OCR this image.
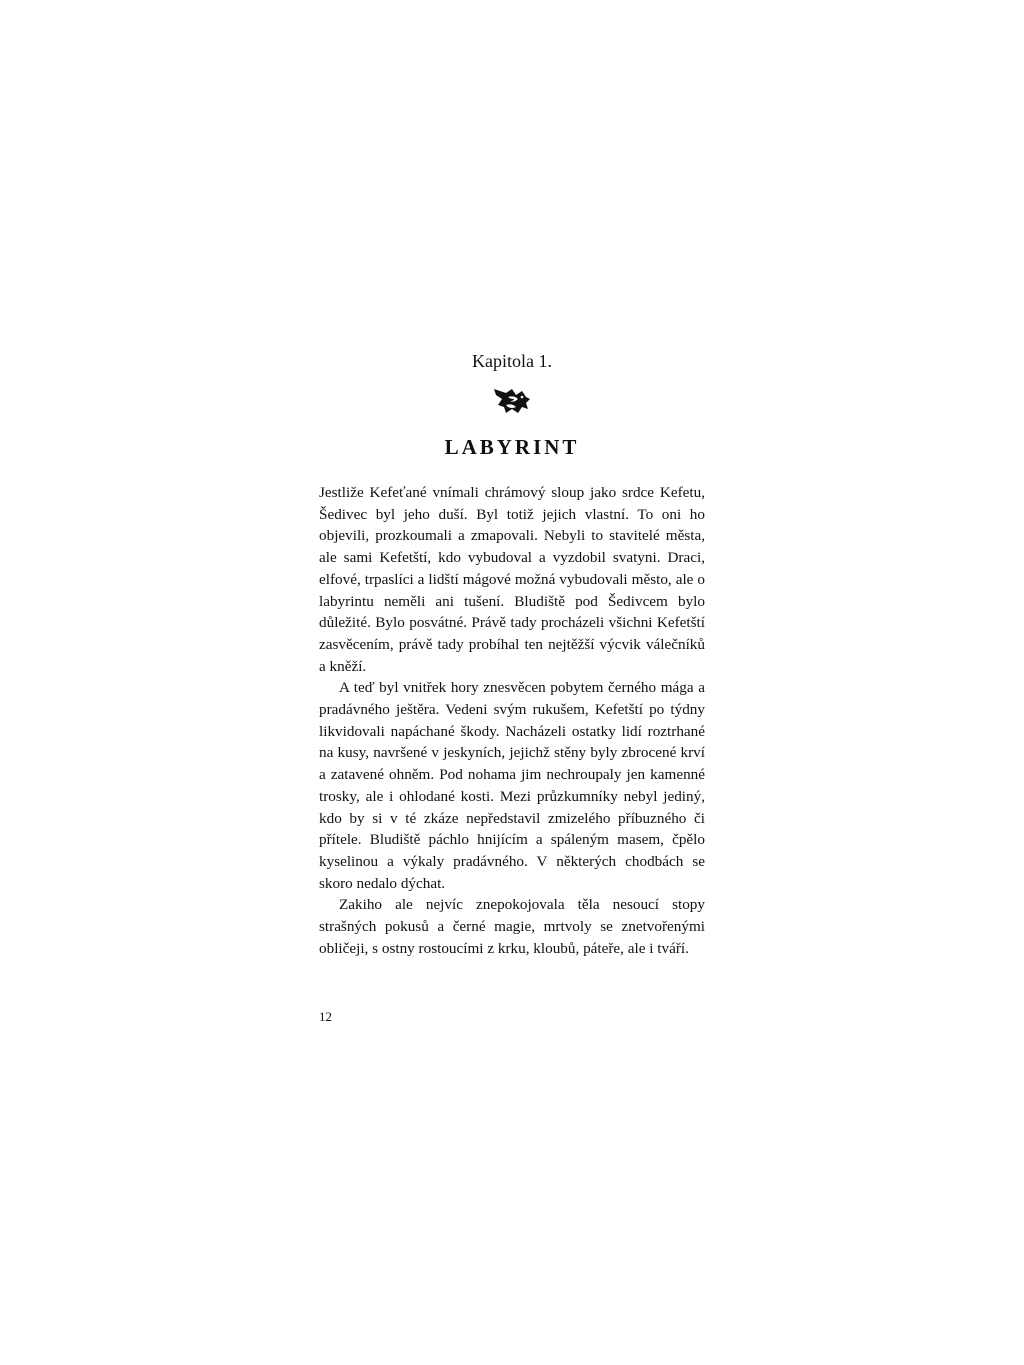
Kapitola 1.
LABYRINT

Jestliže Kefeťané vnímali chrámový sloup jako srdce Kefetu, Šedivec byl jeho duší. Byl totiž jejich vlastní. To oni ho objevili, prozkoumali a zmapovali. Nebyli to stavitelé města, ale sami Kefetští, kdo vybudoval a vyzdobil svatyni. Draci, elfové, trpaslíci a lidští mágové možná vybudovali město, ale o labyrintu neměli ani tušení. Bludiště pod Šedivcem bylo důležité. Bylo posvátné. Právě tady procházeli všichni Kefetští zasvěcením, právě tady probíhal ten nejtěžší výcvik válečníků a kněží.

A teď byl vnitřek hory znesvěcen pobytem černého mága a pradávného ještěra. Vedeni svým rukušem, Kefetští po týdny likvidovali napáchané škody. Nacházeli ostatky lidí roztrhané na kusy, navršené v jeskyních, jejichž stěny byly zbrocené krví a zatavené ohněm. Pod nohama jim nechroupaly jen kamenné trosky, ale i ohlodané kosti. Mezi průzkumníky nebyl jediný, kdo by si v té zkáze nepředstavil zmizelého příbuzného či přítele. Bludiště páchlo hnijícím a spáleným masem, čpělo kyselinou a výkaly pradávného. V některých chodbách se skoro nedalo dýchat.

Zakiho ale nejvíc znepokojovala těla nesoucí stopy strašných pokusů a černé magie, mrtvoly se znetvořenými obličeji, s ostny rostoucími z krku, kloubů, páteře, ale i tváří.

12
